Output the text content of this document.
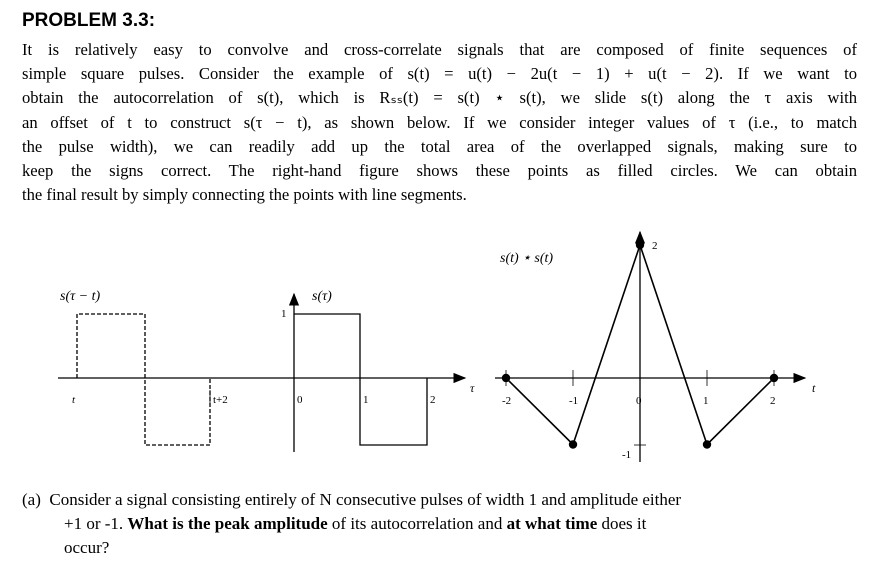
PROBLEM 3.3:
It is relatively easy to convolve and cross-correlate signals that are composed of finite sequences of
simple square pulses. Consider the example of s(t) = u(t) − 2u(t − 1) + u(t − 2). If we want to
obtain the autocorrelation of s(t), which is Rₛₛ(t) = s(t) ⋆ s(t), we slide s(t) along the τ axis with
an offset of t to construct s(τ − t), as shown below. If we consider integer values of τ (i.e., to match
the pulse width), we can readily add up the total area of the overlapped signals, making sure to
keep the signs correct. The right-hand figure shows these points as filled circles. We can obtain
the final result by simply connecting the points with line segments.
τ
s(τ − t)	s(τ)
1
t	t+2	0	1	2
t
s(t) ⋆ s(t)
-1
2
-2	-1	0	1	2
(a) Consider a signal consisting entirely of N consecutive pulses of width 1 and amplitude either
+1 or -1. What is the peak amplitude of its autocorrelation and at what time does it
occur?
